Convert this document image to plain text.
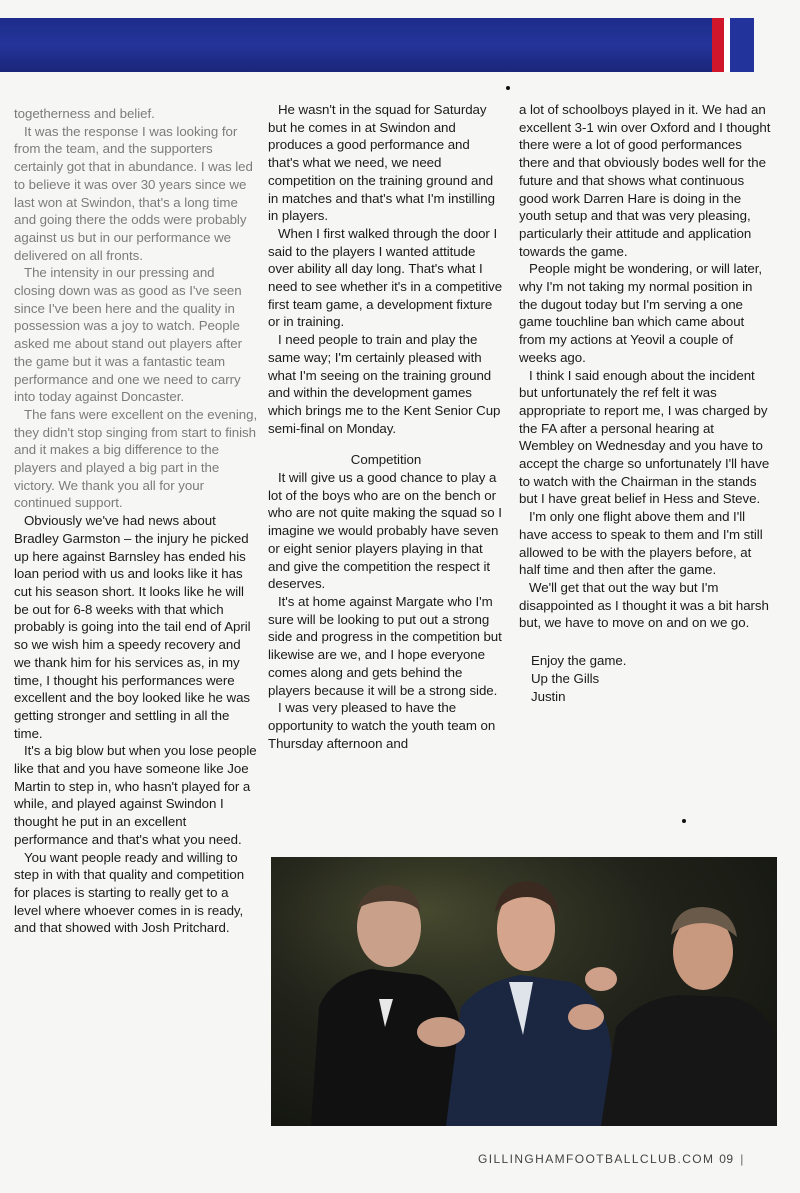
togetherness and belief.

It was the response I was looking for from the team, and the supporters certainly got that in abundance. I was led to believe it was over 30 years since we last won at Swindon, that's a long time and going there the odds were probably against us but in our performance we delivered on all fronts.

The intensity in our pressing and closing down was as good as I've seen since I've been here and the quality in possession was a joy to watch. People asked me about stand out players after the game but it was a fantastic team performance and one we need to carry into today against Doncaster.

The fans were excellent on the evening, they didn't stop singing from start to finish and it makes a big difference to the players and played a big part in the victory. We thank you all for your continued support.

Obviously we've had news about Bradley Garmston – the injury he picked up here against Barnsley has ended his loan period with us and looks like it has cut his season short. It looks like he will be out for 6-8 weeks with that which probably is going into the tail end of April so we wish him a speedy recovery and we thank him for his services as, in my time, I thought his performances were excellent and the boy looked like he was getting stronger and settling in all the time.

It's a big blow but when you lose people like that and you have someone like Joe Martin to step in, who hasn't played for a while, and played against Swindon I thought he put in an excellent performance and that's what you need.

You want people ready and willing to step in with that quality and competition for places is starting to really get to a level where whoever comes in is ready, and that showed with Josh Pritchard.

He wasn't in the squad for Saturday but he comes in at Swindon and produces a good performance and that's what we need, we need competition on the training ground and in matches and that's what I'm instilling in players.

When I first walked through the door I said to the players I wanted attitude over ability all day long. That's what I need to see whether it's in a competitive first team game, a development fixture or in training.

I need people to train and play the same way; I'm certainly pleased with what I'm seeing on the training ground and within the development games which brings me to the Kent Senior Cup semi-final on Monday.

Competition

It will give us a good chance to play a lot of the boys who are on the bench or who are not quite making the squad so I imagine we would probably have seven or eight senior players playing in that and give the competition the respect it deserves.

It's at home against Margate who I'm sure will be looking to put out a strong side and progress in the competition but likewise are we, and I hope everyone comes along and gets behind the players because it will be a strong side.

I was very pleased to have the opportunity to watch the youth team on Thursday afternoon and

a lot of schoolboys played in it. We had an excellent 3-1 win over Oxford and I thought there were a lot of good performances there and that obviously bodes well for the future and that shows what continuous good work Darren Hare is doing in the youth setup and that was very pleasing, particularly their attitude and application towards the game.

People might be wondering, or will later, why I'm not taking my normal position in the dugout today but I'm serving a one game touchline ban which came about from my actions at Yeovil a couple of weeks ago.

I think I said enough about the incident but unfortunately the ref felt it was appropriate to report me, I was charged by the FA after a personal hearing at Wembley on Wednesday and you have to accept the charge so unfortunately I'll have to watch with the Chairman in the stands but I have great belief in Hess and Steve.

I'm only one flight above them and I'll have access to speak to them and I'm still allowed to be with the players before, at half time and then after the game.

We'll get that out the way but I'm disappointed as I thought it was a bit harsh but, we have to move on and on we go.

Enjoy the game.
Up the Gills
Justin
GILLINGHAMFOOTBALLCLUB.COM 09 |
